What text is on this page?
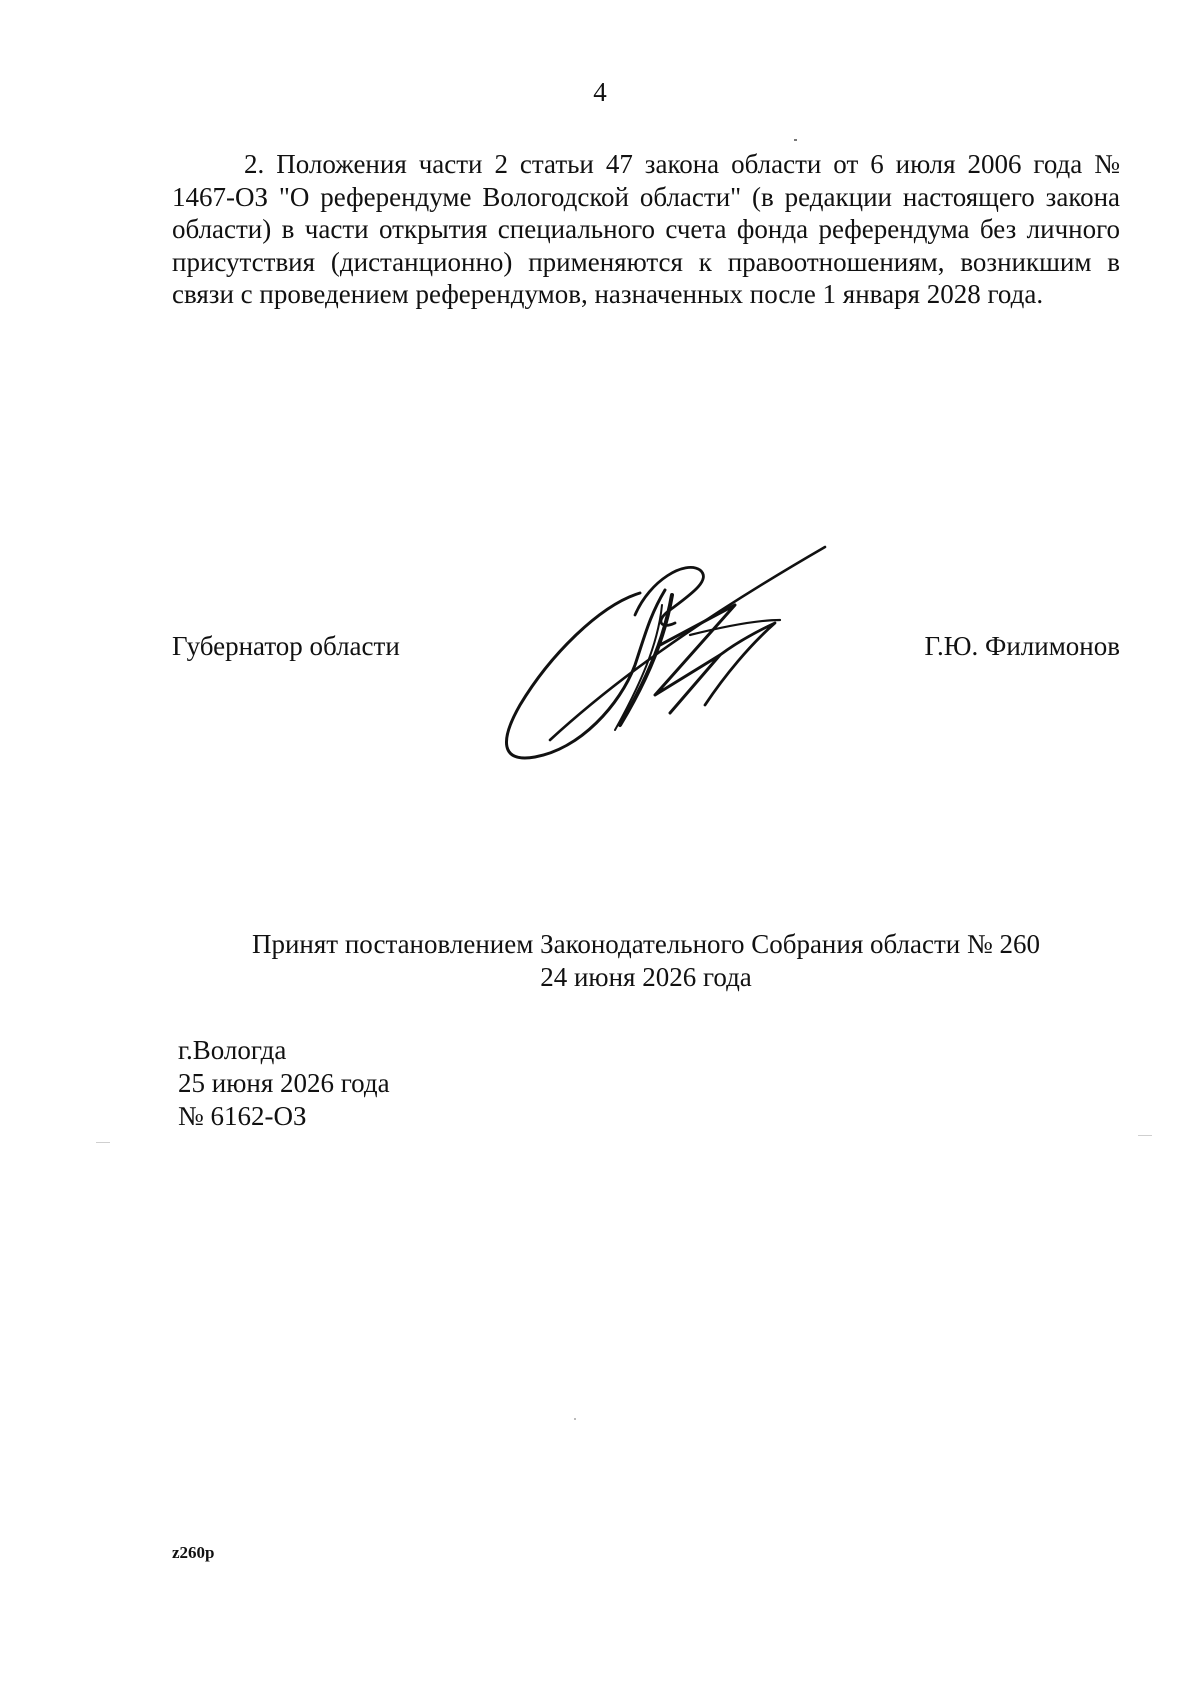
4

2. Положения части 2 статьи 47 закона области от 6 июля 2006 года № 1467-ОЗ "О референдуме Вологодской области" (в редакции настоящего закона области) в части открытия специального счета фонда референдума без личного присутствия (дистанционно) применяются к правоотношениям, возникшим в связи с проведением референдумов, назначенных после 1 января 2028 года.

Губернатор области	Г.Ю. Филимонов
Принят постановлением Законодательного Собрания области № 260
24 июня 2026 года
г.Вологда
25 июня 2026 года
№ 6162-ОЗ
z260p
